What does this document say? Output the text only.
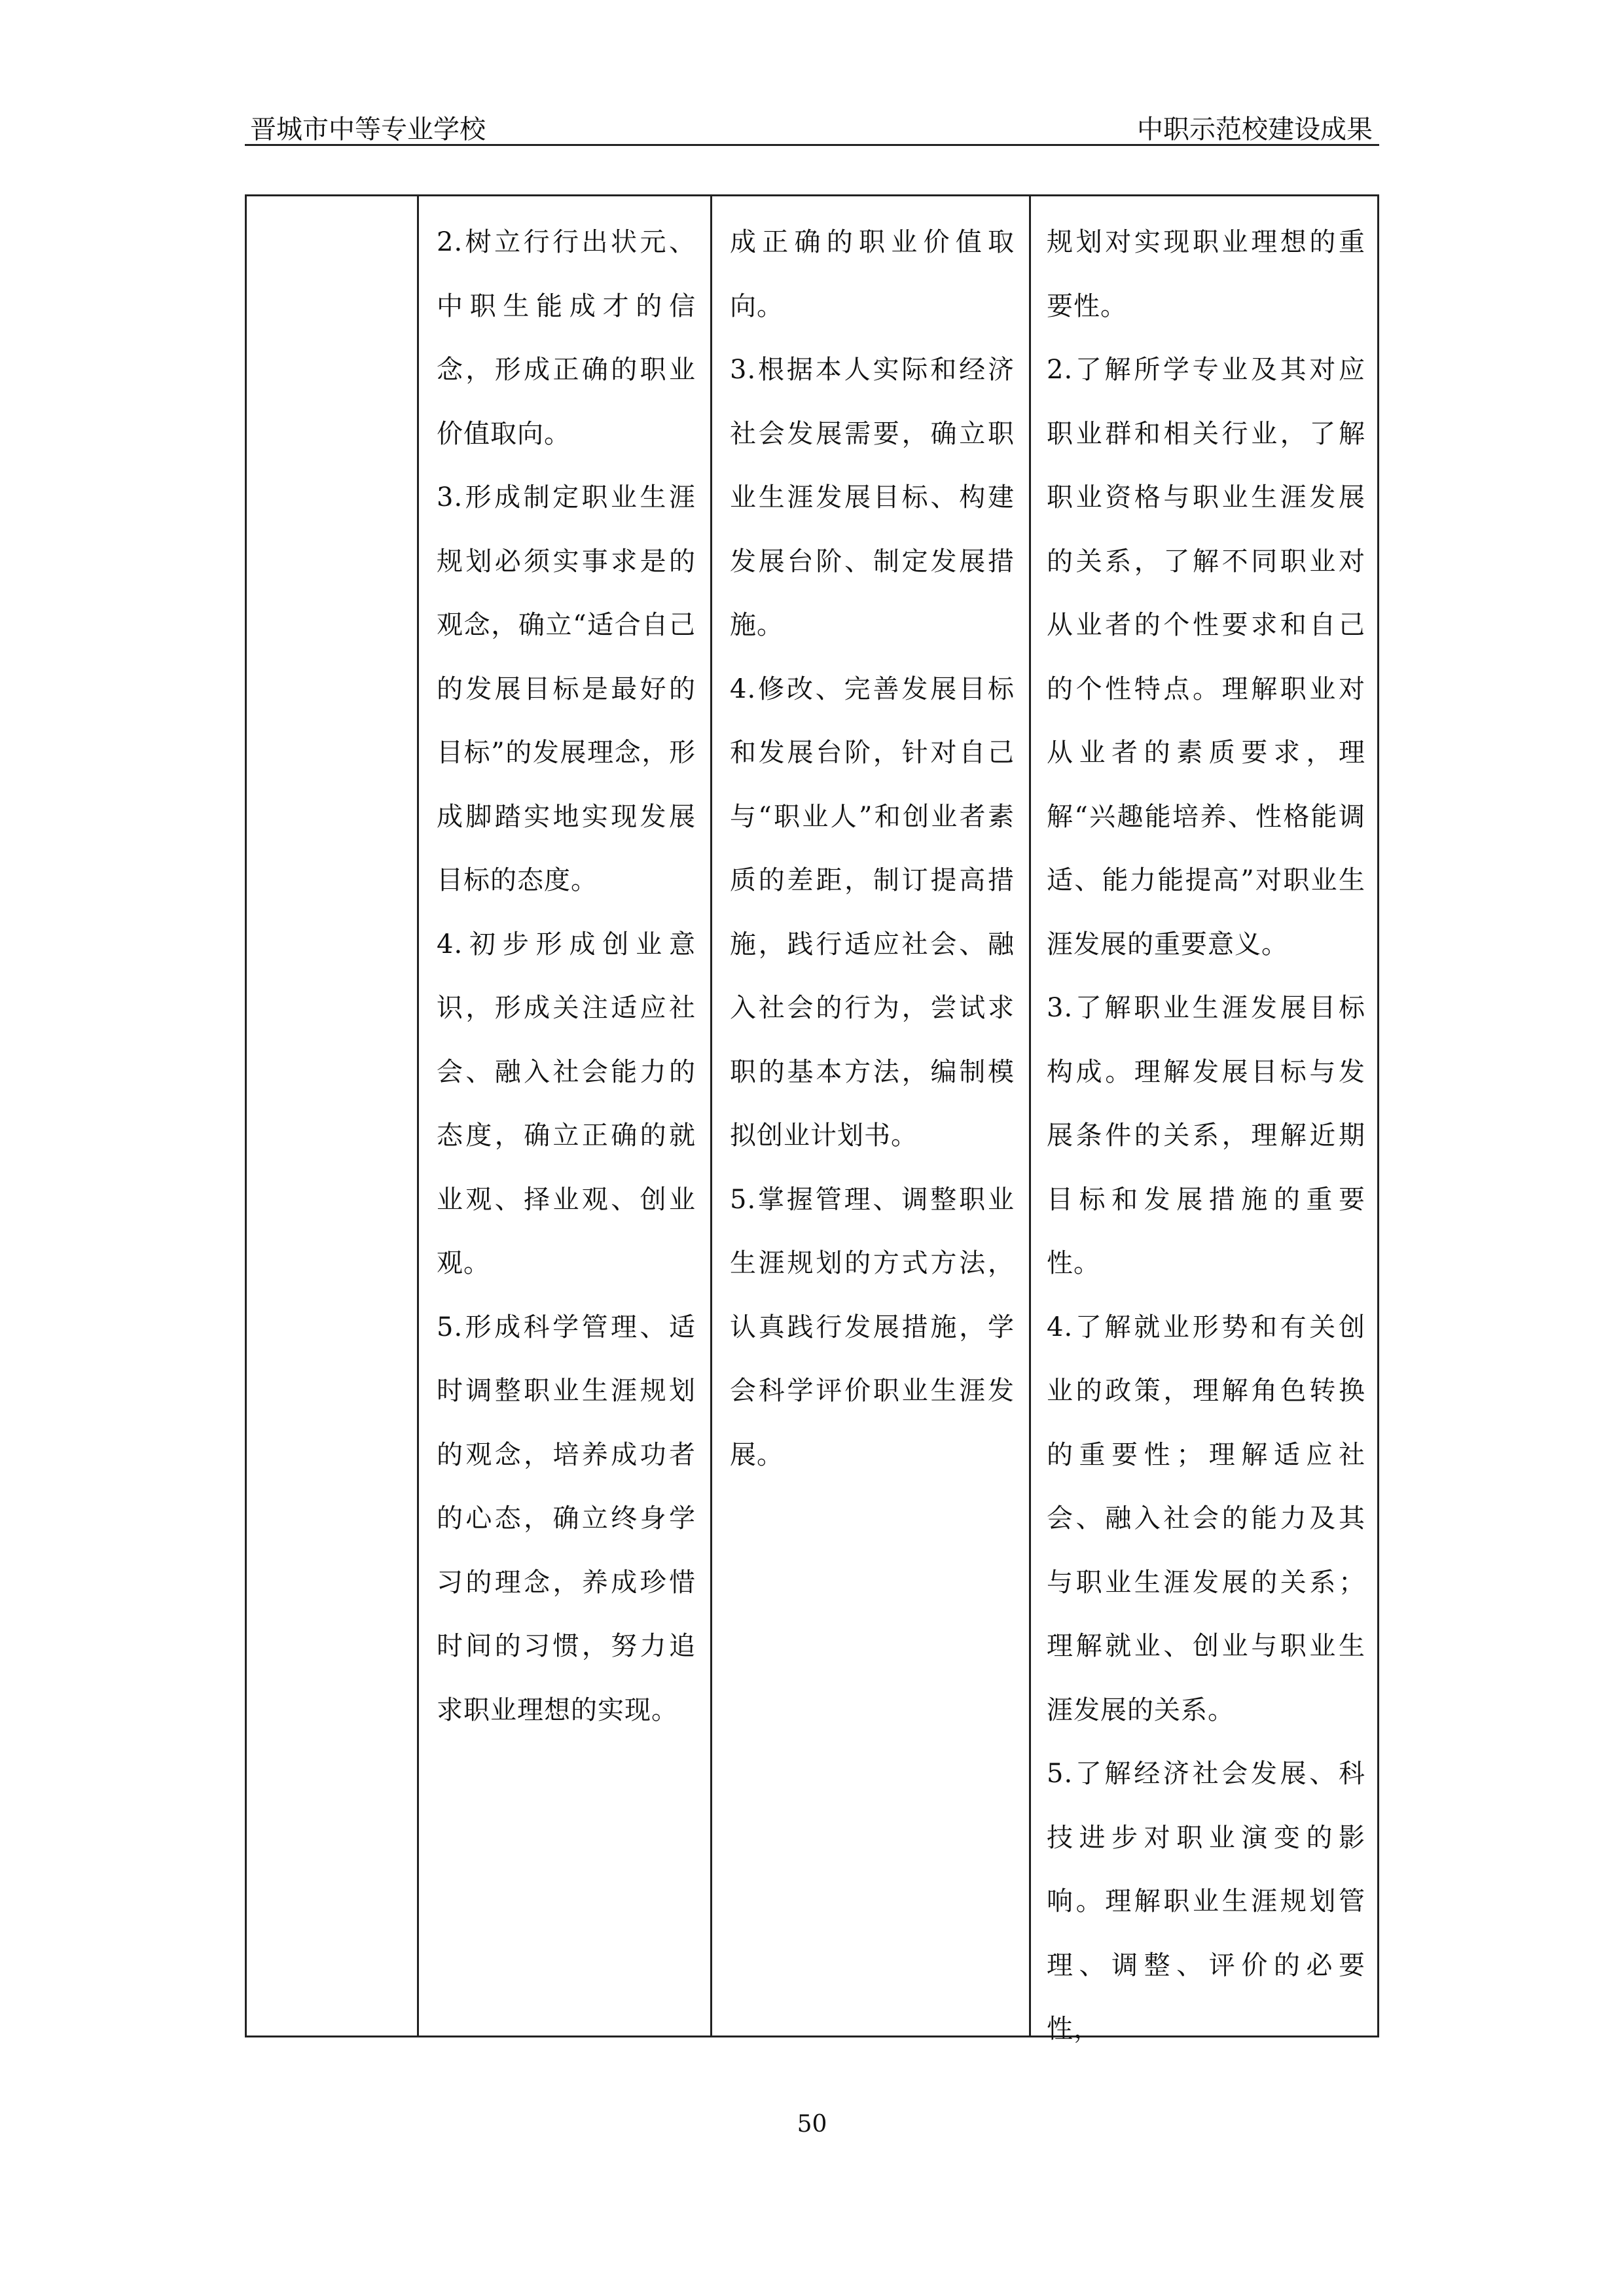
晋城市中等专业学校	中职示范校建设成果

2.树立行行出状元、中职生能成才的信念，形成正确的职业价值取向。

3.形成制定职业生涯规划必须实事求是的观念，确立“适合自己的发展目标是最好的目标”的发展理念，形成脚踏实地实现发展目标的态度。

4.初步形成创业意识，形成关注适应社会、融入社会能力的态度，确立正确的就业观、择业观、创业观。

5.形成科学管理、适时调整职业生涯规划的观念，培养成功者的心态，确立终身学习的理念，养成珍惜时间的习惯，努力追求职业理想的实现。

成正确的职业价值取向。

3.根据本人实际和经济社会发展需要，确立职业生涯发展目标、构建发展台阶、制定发展措施。

4.修改、完善发展目标和发展台阶，针对自己与“职业人”和创业者素质的差距，制订提高措施，践行适应社会、融入社会的行为，尝试求职的基本方法，编制模拟创业计划书。

5.掌握管理、调整职业生涯规划的方式方法，认真践行发展措施，学会科学评价职业生涯发展。

规划对实现职业理想的重要性。

2.了解所学专业及其对应职业群和相关行业，了解职业资格与职业生涯发展的关系，了解不同职业对从业者的个性要求和自己的个性特点。理解职业对从业者的素质要求，理解“兴趣能培养、性格能调适、能力能提高”对职业生涯发展的重要意义。

3.了解职业生涯发展目标构成。理解发展目标与发展条件的关系，理解近期目标和发展措施的重要性。

4.了解就业形势和有关创业的政策，理解角色转换的重要性；理解适应社会、融入社会的能力及其与职业生涯发展的关系；理解就业、创业与职业生涯发展的关系。

5.了解经济社会发展、科技进步对职业演变的影响。理解职业生涯规划管理、调整、评价的必要性，

50
